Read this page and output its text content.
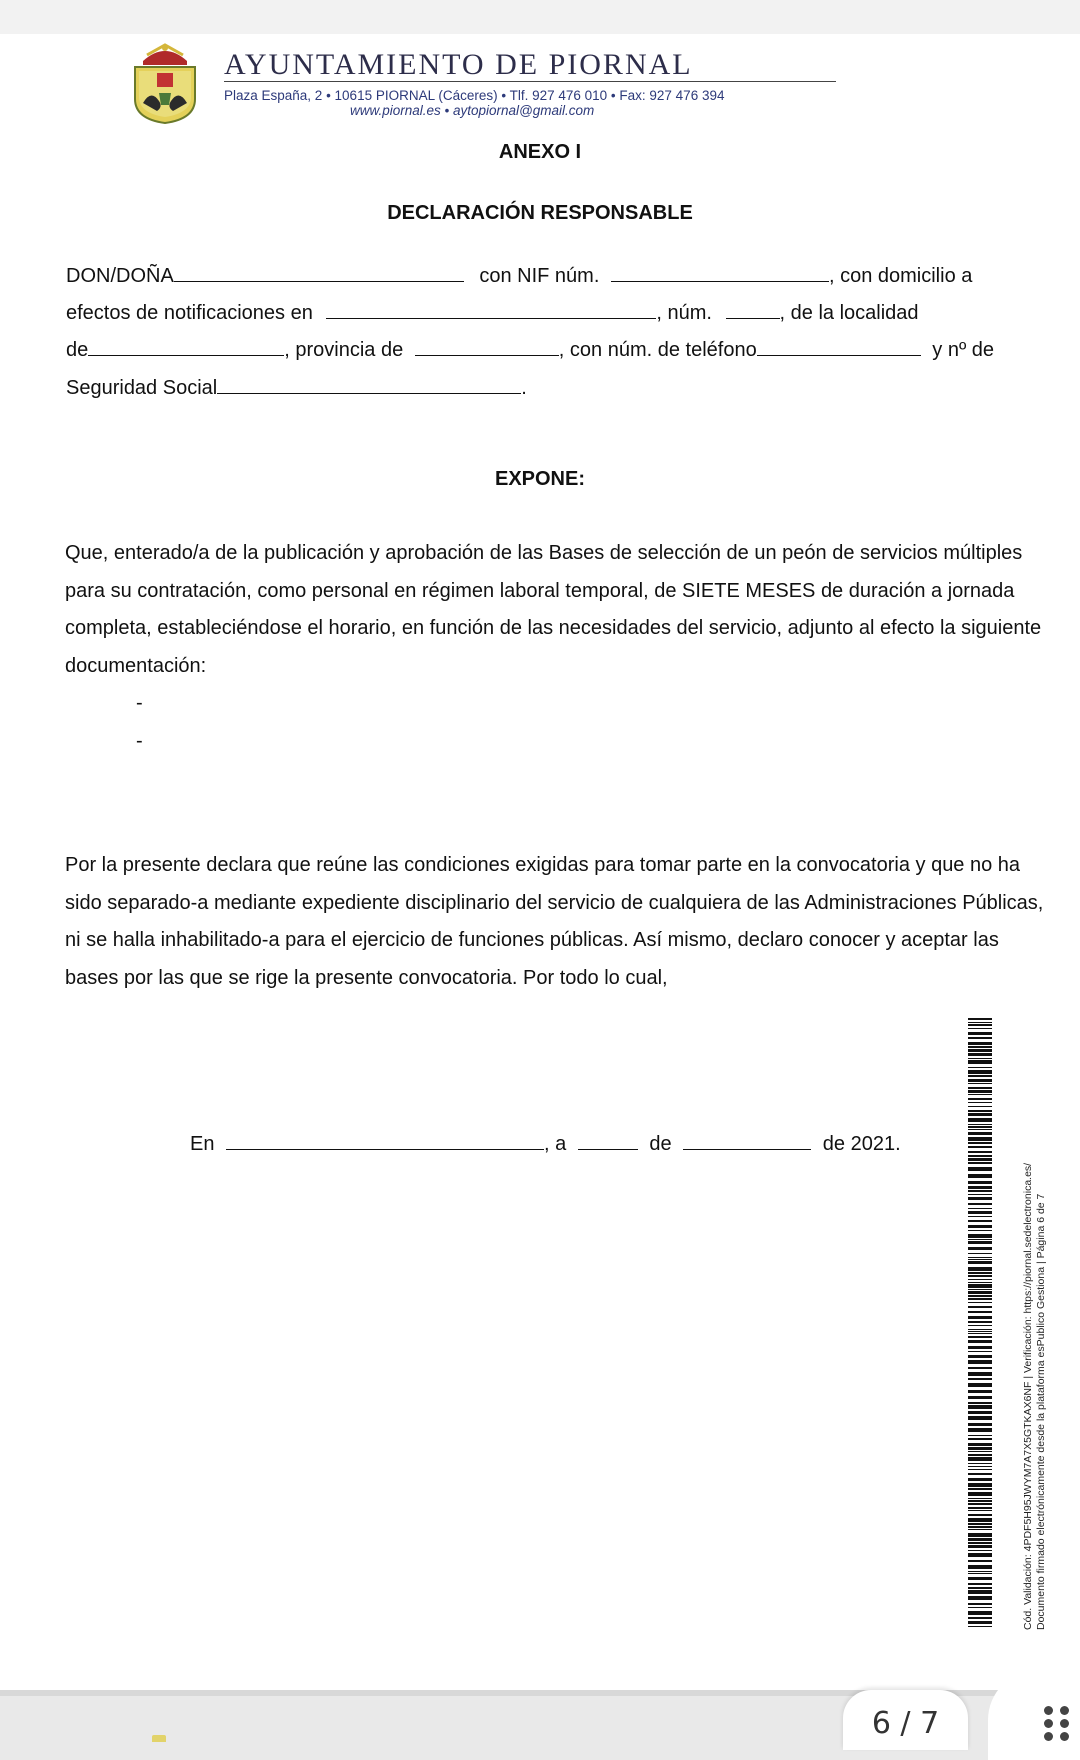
AYUNTAMIENTO DE PIORNAL
Plaza España, 2 • 10615 PIORNAL (Cáceres) • Tlf. 927 476 010 • Fax: 927 476 394
www.piornal.es • aytopiornal@gmail.com
ANEXO I
DECLARACIÓN RESPONSABLE
DON/DOÑA	con NIF núm.	, con domicilio a
efectos de notificaciones en	, núm.	, de la localidad
de	, provincia de	, con núm. de teléfono	y nº de
Seguridad Social	.
EXPONE:
Que, enterado/a de la publicación y aprobación de las Bases de selección de un peón de servicios múltiples para su contratación, como personal en régimen laboral temporal, de SIETE MESES de duración a jornada completa, estableciéndose el horario, en función de las necesidades del servicio, adjunto al efecto la siguiente documentación:
-
-
Por la presente declara que reúne las condiciones exigidas para tomar parte en la convocatoria y que no ha sido separado-a mediante expediente disciplinario del servicio de cualquiera de las Administraciones Públicas, ni se halla inhabilitado-a para el ejercicio de funciones públicas. Así mismo, declaro conocer y aceptar las bases por las que se rige la presente convocatoria. Por todo lo cual,
En	, a	de	de 2021.
Cód. Validación: 4PDF5H95JWYM7A7X5GTKAX6NF | Verificación: https://piornal.sedelectronica.es/ Documento firmado electrónicamente desde la plataforma esPublico Gestiona | Página 6 de 7
6 / 7
